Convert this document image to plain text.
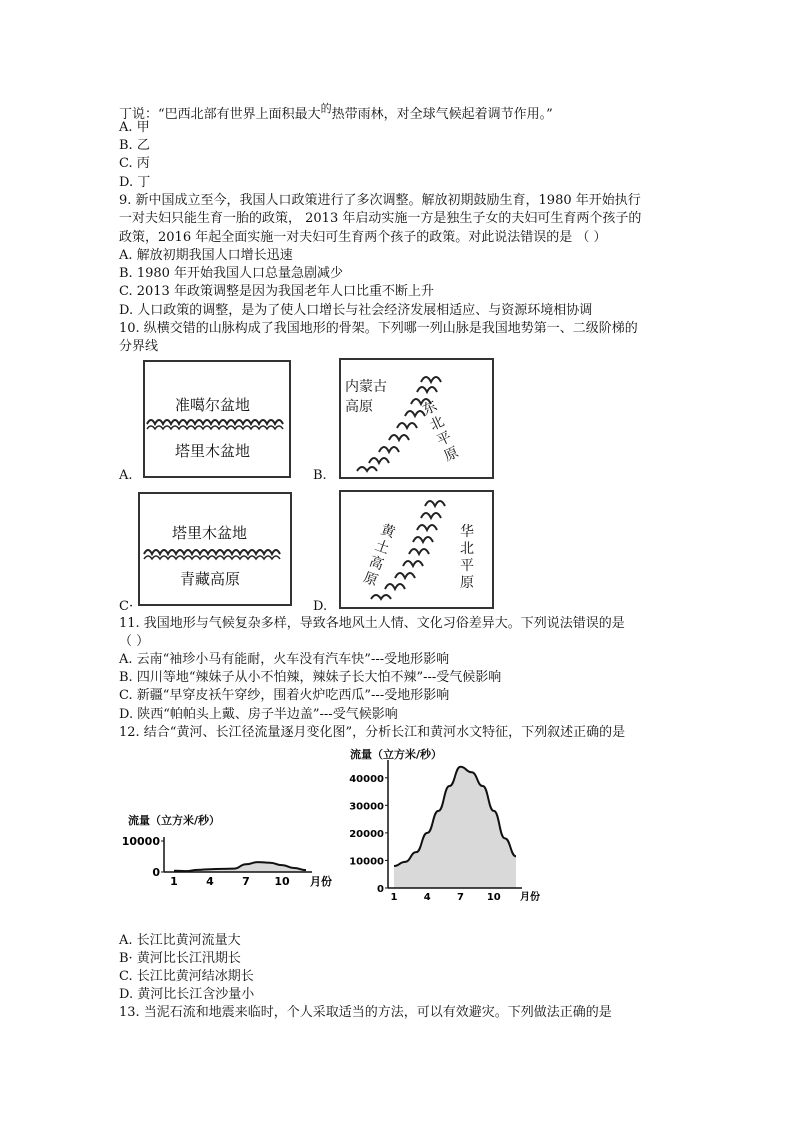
丁说：“巴西北部有世界上面积最大$^的$热带雨林，对全球气候起着调节作用。”
A. 甲
B. 乙
C. 丙
D. 丁
9. 新中国成立至今，我国人口政策进行了多次调整。解放初期鼓励生育，1980 年开始执行
一对夫妇只能生育一胎的政策， 2013 年启动实施一方是独生子女的夫妇可生育两个孩子的
政策，2016 年起全面实施一对夫妇可生育两个孩子的政策。对此说法错误的是 （ ）
A. 解放初期我国人口增长迅速
B. 1980 年开始我国人口总量急剧减少
C. 2013 年政策调整是因为我国老年人口比重不断上升
D. 人口政策的调整，是为了使人口增长与社会经济发展相适应、与资源环境相协调
10. 纵横交错的山脉构成了我国地形的骨架。下列哪一列山脉是我国地势第一、二级阶梯的
分界线
准噶尔盆地
塔里木盆地
A.
内蒙古
高原	东北平原
B.
塔里木盆地
青藏高原
C·
黄土高原
华北平原
D.
11. 我国地形与气候复杂多样，导致各地风土人情、文化习俗差异大。下列说法错误的是
（ ）
A. 云南“袖珍小马有能耐，火车没有汽车快”---受地形影响
B. 四川等地“辣妹子从小不怕辣，辣妹子长大怕不辣”---受气候影响
C. 新疆“早穿皮袄午穿纱，围着火炉吃西瓜”---受地形影响
D. 陕西“帕帕头上戴、房子半边盖”---受气候影响
12. 结合“黄河、长江径流量逐月变化图”，分析长江和黄河水文特征，下列叙述正确的是
流量（立方米/秒）
10000
0
1	4	7 10 月份
流量（立方米/秒）
40000
30000
20000
10000
0
1	4	7 10 月份
A. 长江比黄河流量大
B· 黄河比长江汛期长
C. 长江比黄河结冰期长
D. 黄河比长江含沙量小
13. 当泥石流和地震来临时，个人采取适当的方法，可以有效避灾。下列做法正确的是
